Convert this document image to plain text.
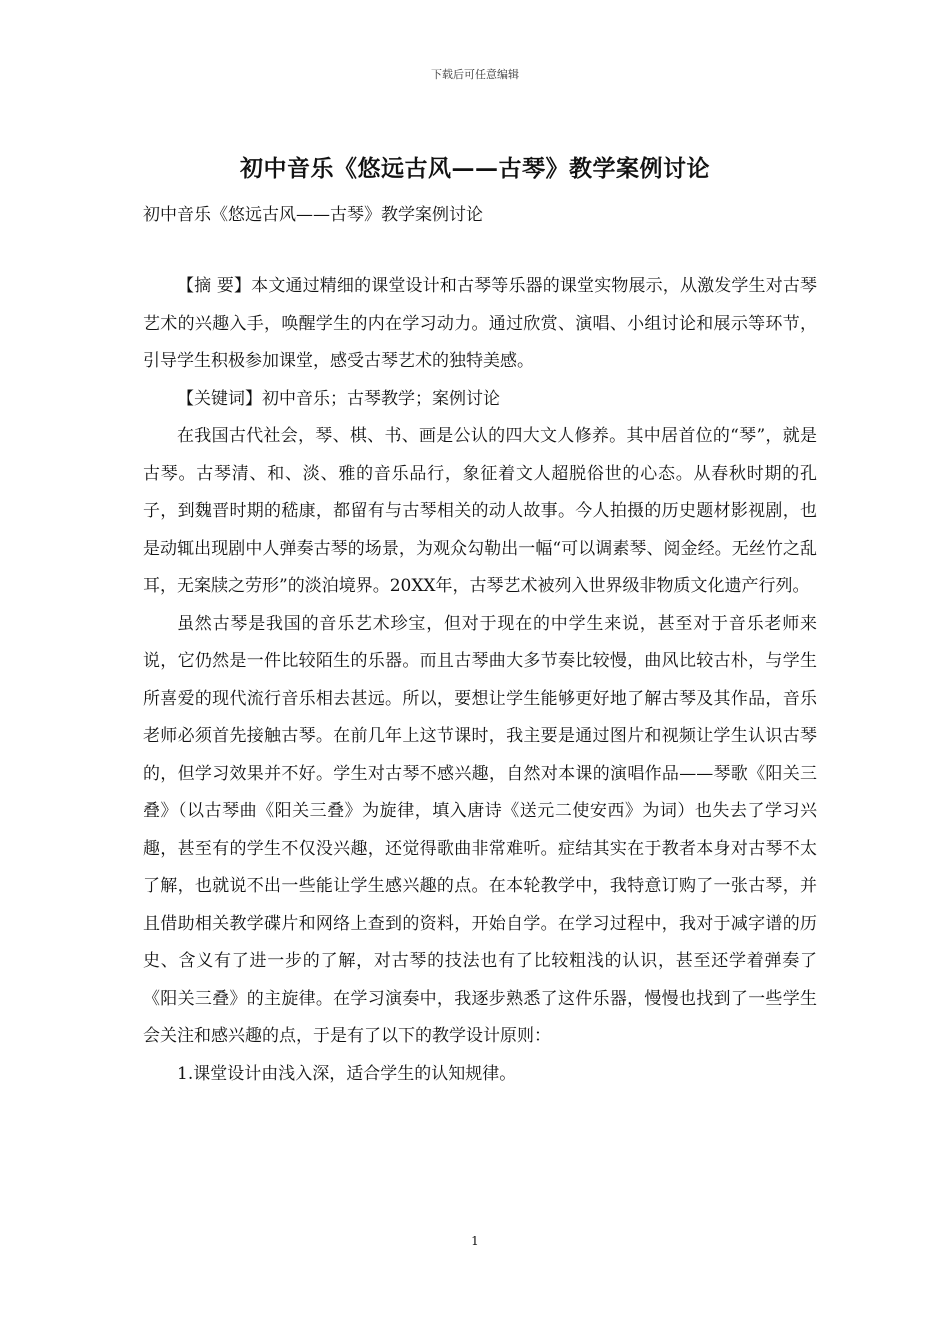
下载后可任意编辑
初中音乐《悠远古风——古琴》教学案例讨论
初中音乐《悠远古风——古琴》教学案例讨论

【摘 要】本文通过精细的课堂设计和古琴等乐器的课堂实物展示，从激发学生对古琴艺术的兴趣入手，唤醒学生的内在学习动力。通过欣赏、演唱、小组讨论和展示等环节，引导学生积极参加课堂，感受古琴艺术的独特美感。

【关键词】初中音乐；古琴教学；案例讨论

在我国古代社会，琴、棋、书、画是公认的四大文人修养。其中居首位的“琴”，就是古琴。古琴清、和、淡、雅的音乐品行，象征着文人超脱俗世的心态。从春秋时期的孔子，到魏晋时期的嵇康，都留有与古琴相关的动人故事。今人拍摄的历史题材影视剧，也是动辄出现剧中人弹奏古琴的场景，为观众勾勒出一幅“可以调素琴、阅金经。无丝竹之乱耳，无案牍之劳形”的淡泊境界。20XX年，古琴艺术被列入世界级非物质文化遗产行列。

虽然古琴是我国的音乐艺术珍宝，但对于现在的中学生来说，甚至对于音乐老师来说，它仍然是一件比较陌生的乐器。而且古琴曲大多节奏比较慢，曲风比较古朴，与学生所喜爱的现代流行音乐相去甚远。所以，要想让学生能够更好地了解古琴及其作品，音乐老师必须首先接触古琴。在前几年上这节课时，我主要是通过图片和视频让学生认识古琴的，但学习效果并不好。学生对古琴不感兴趣，自然对本课的演唱作品——琴歌《阳关三叠》（以古琴曲《阳关三叠》为旋律，填入唐诗《送元二使安西》为词）也失去了学习兴趣，甚至有的学生不仅没兴趣，还觉得歌曲非常难听。症结其实在于教者本身对古琴不太了解，也就说不出一些能让学生感兴趣的点。在本轮教学中，我特意订购了一张古琴，并且借助相关教学碟片和网络上查到的资料，开始自学。在学习过程中，我对于减字谱的历史、含义有了进一步的了解，对古琴的技法也有了比较粗浅的认识，甚至还学着弹奏了《阳关三叠》的主旋律。在学习演奏中，我逐步熟悉了这件乐器，慢慢也找到了一些学生会关注和感兴趣的点，于是有了以下的教学设计原则：

1.课堂设计由浅入深，适合学生的认知规律。

1
